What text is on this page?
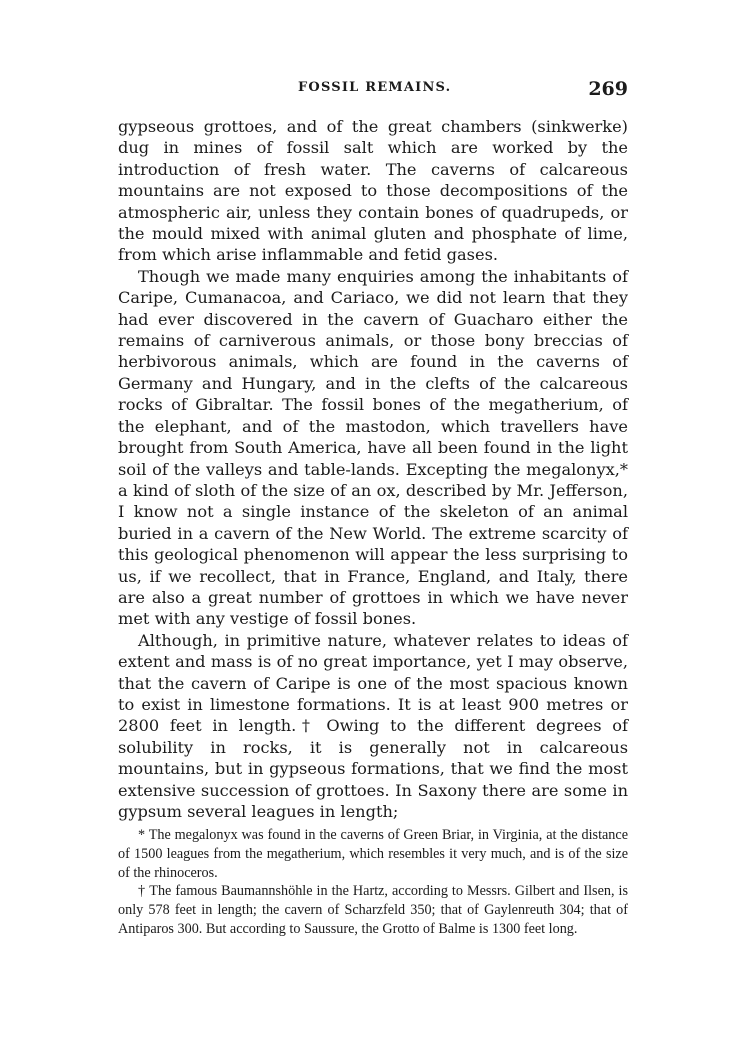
FOSSIL REMAINS.	269

gypseous grottoes, and of the great chambers (sinkwerke) dug in mines of fossil salt which are worked by the introduction of fresh water. The caverns of calcareous mountains are not exposed to those decompositions of the atmospheric air, unless they contain bones of quadrupeds, or the mould mixed with animal gluten and phosphate of lime, from which arise inflammable and fetid gases.

Though we made many enquiries among the inhabitants of Caripe, Cumanacoa, and Cariaco, we did not learn that they had ever discovered in the cavern of Guacharo either the remains of carniverous animals, or those bony breccias of herbivorous animals, which are found in the caverns of Germany and Hungary, and in the clefts of the calcareous rocks of Gibraltar. The fossil bones of the megatherium, of the elephant, and of the mastodon, which travellers have brought from South America, have all been found in the light soil of the valleys and table-lands. Excepting the megalonyx,* a kind of sloth of the size of an ox, described by Mr. Jefferson, I know not a single instance of the skeleton of an animal buried in a cavern of the New World. The extreme scarcity of this geological phenomenon will appear the less surprising to us, if we recollect, that in France, England, and Italy, there are also a great number of grottoes in which we have never met with any vestige of fossil bones.

Although, in primitive nature, whatever relates to ideas of extent and mass is of no great importance, yet I may observe, that the cavern of Caripe is one of the most spacious known to exist in limestone formations. It is at least 900 metres or 2800 feet in length.† Owing to the different degrees of solubility in rocks, it is generally not in calcareous mountains, but in gypseous formations, that we find the most extensive succession of grottoes. In Saxony there are some in gypsum several leagues in length;

* The megalonyx was found in the caverns of Green Briar, in Virginia, at the distance of 1500 leagues from the megatherium, which resembles it very much, and is of the size of the rhinoceros.

† The famous Baumannshöhle in the Hartz, according to Messrs. Gilbert and Ilsen, is only 578 feet in length; the cavern of Scharzfeld 350; that of Gaylenreuth 304; that of Antiparos 300. But according to Saussure, the Grotto of Balme is 1300 feet long.
